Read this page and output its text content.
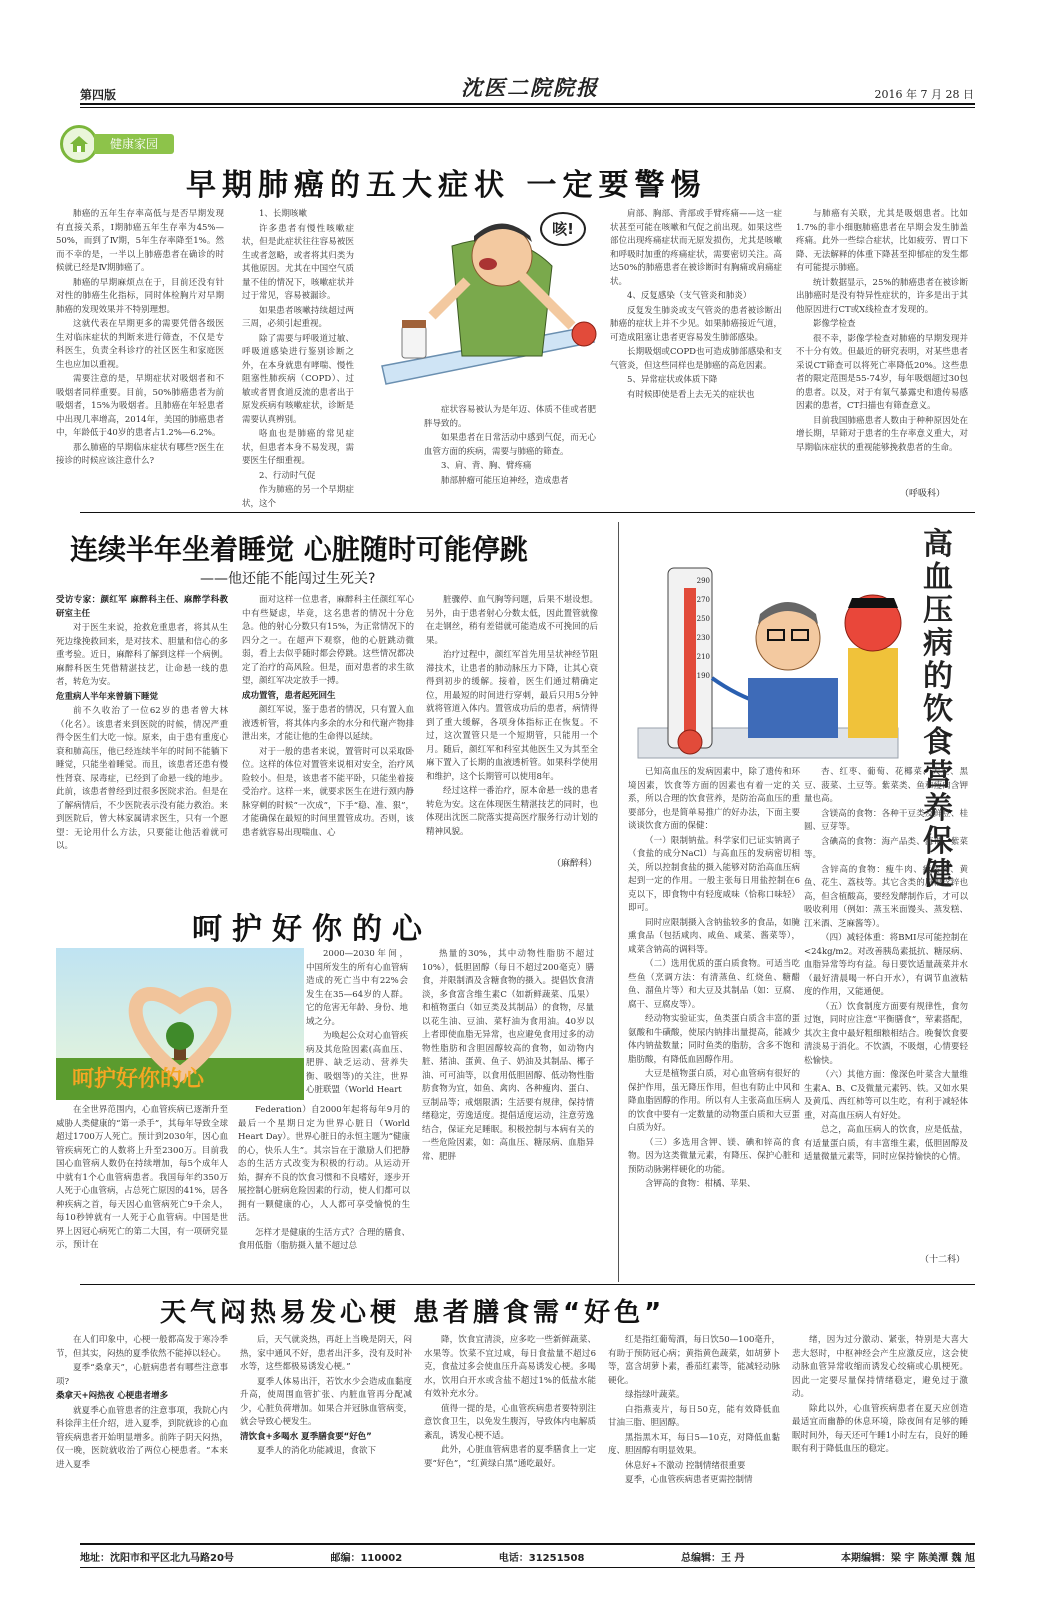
第四版	沈医二院院报	2016 年 7 月 28 日
健康家园
早期肺癌的五大症状 一定要警惕

肺癌的五年生存率高低与是否早期发现有直接关系，Ⅰ期肺癌五年生存率为45%—50%，而到了Ⅳ期，5年生存率降至1%。然而不幸的是，一半以上肺癌患者在确诊的时候就已经是Ⅳ期肺癌了。

肺癌的早期麻烦点在于，目前还没有针对性的肺癌生化指标，同时体检胸片对早期肺癌的发现效果并不特别理想。

这就代表在早期更多的需要凭借各级医生对临床症状的判断来进行筛查，不仅是专科医生，负责全科诊疗的社区医生和家庭医生也应加以重视。

需要注意的是，早期症状对吸烟者和不吸烟者同样重要。目前，50%肺癌患者为前吸烟者，15%为吸烟者。且肺癌在年轻患者中出现几率增高，2014年，美国的肺癌患者中，年龄低于40岁的患者占1.2%—6.2%。

那么肺癌的早期临床症状有哪些?医生在接诊的时候应该注意什么?

1、长期咳嗽

许多患者有慢性咳嗽症状，但是此症状往往容易被医生或者忽略，或者将其归类为其他原因。尤其在中国空气质量不佳的情况下，咳嗽症状并过于常见，容易被漏诊。

如果患者咳嗽持续超过两三周，必须引起重视。

除了需要与呼吸道过敏、呼吸道感染进行鉴别诊断之外，在本身就患有哮喘、慢性阻塞性肺疾病（COPD）、过敏或者胃食道反流的患者出于原发疾病有咳嗽症状，诊断是需要认真辨别。

咯血也是肺癌的常见症状，但患者本身不易发现，需要医生仔细重视。

2、行动时气促

作为肺癌的另一个早期症状，这个

症状容易被认为是年迈、体质不佳或者肥胖导致的。

如果患者在日常活动中感到气促，而无心血管方面的疾病，需要与肺癌的筛查。

3、肩、背、胸、臂疼痛

肺部肿瘤可能压迫神经，造成患者

肩部、胸部、背部或手臂疼痛——这一症状甚至可能在咳嗽和气促之前出现。如果这些部位出现疼痛症状而无原发损伤，尤其是咳嗽和呼吸时加重的疼痛症状，需要密切关注。高达50%的肺癌患者在被诊断时有胸痛或肩痛症状。

4、反复感染（支气管炎和肺炎）

反复发生肺炎或支气管炎的患者被诊断出肺癌的症状上并不少见。如果肺癌接近气道，可造成阻塞让患者更容易发生肺部感染。

长期吸烟或COPD也可造成肺部感染和支气管炎，但这些同样也是肺癌的高危因素。

5、异常症状或体质下降

有时候即使是看上去无关的症状也

与肺癌有关联，尤其是吸烟患者。比如1.7%的非小细胞肺癌患者在早期会发生肺盖疼痛。此外一些综合症状，比如疲劳、胃口下降、无法解释的体重下降甚至抑郁症的发生都有可能提示肺癌。

统计数据显示，25%的肺癌患者在被诊断出肺癌时是没有特异性症状的，许多是出于其他原因进行CT或X线检查才发现的。

影像学检查

很不幸，影像学检查对肺癌的早期发现并不十分有效。但最近的研究表明，对某些患者采说CT筛查可以将死亡率降低20%。这些患者的限定范围是55-74岁，每年吸烟超过30包的患者。以及，对于有氧气暴露史和遗传易感因素的患者，CT扫描也有筛查意义。

目前我国肺癌患者人数由于种种原因处在增长期，早筛对于患者的生存率意义重大，对早期临床症状的重视能够挽救患者的生命。

（呼吸科）
咳!
连续半年坐着睡觉 心脏随时可能停跳
——他还能不能闯过生死关?

受访专家：颜红军 麻醉科主任、麻醉学科教研室主任

对于医生来说，抢救危重患者，将其从生死边缘挽救回来，是对技术、胆量和信心的多重考验。近日，麻醉科了解到这样一个病例。麻醉科医生凭借精湛技艺，让命悬一线的患者，转危为安。

危重病人半年来曾躺下睡觉

前不久收治了一位62岁的患者曾大林（化名）。该患者来到医院的时候，情况严重得令医生们大吃一惊。原来，由于患有重度心衰和肺高压，他已经连续半年的时间不能躺下睡觉，只能坐着睡觉。而且，该患者还患有慢性肾衰、尿毒症，已经到了命悬一线的地步。此前，该患者曾经到过很多医院求治。但是在了解病情后，不少医院表示没有能力救治。来到医院后，曾大林家属请求医生，只有一个愿望：无论用什么方法，只要能让他活着就可以。

面对这样一位患者，麻醉科主任颜红军心中有些疑虑，毕竟，这名患者的情况十分危急。他的射心分数只有15%，为正常情况下的四分之一。在超声下观察，他的心脏跳动微弱，看上去似乎随时都会停跳。这些情况都决定了治疗的高风险。但是，面对患者的求生欲望，颜红军决定放手一搏。

成功置管，患者起死回生

颜红军说，鉴于患者的情况，只有置入血液透析管，将其体内多余的水分和代谢产物排泄出来，才能让他的生命得以延续。

对于一般的患者来说，置管时可以采取卧位。这样的体位对置管来说相对安全，治疗风险较小。但是，该患者不能平卧，只能坐着接受治疗。这样一来，就要求医生在进行颈内静脉穿刺的时候“一次成”，下手“稳、准、狠”，才能确保在最短的时间里置管成功。否则，该患者就容易出现喘血、心

脏骤停、血气胸等问题，后果不堪设想。另外，由于患者射心分数太低，因此置管就像在走钢丝，稍有差错就可能造成不可挽回的后果。

治疗过程中，颜红军首先用呈状神经节阻滞技术，让患者的肺动脉压力下降，让其心衰得到初步的缓解。接着，医生们通过精确定位，用最短的时间进行穿刺，最后只用5分钟就将管道入体内。置管成功后的患者，病情得到了重大缓解，各项身体指标正在恢复。不过，这次置管只是一个短期管，只能用一个月。随后，颜红军和科室其他医生又为其至全麻下置入了长期的血液透析管。如果科学使用和维护，这个长期管可以使用8年。

经过这样一番治疗，原本命悬一线的患者转危为安。这在体现医生精湛技艺的同时，也体现出沈医二院落实提高医疗服务行动计划的精神风貌。

（麻醉科）
290
270
250
230
210
190
高
血
压
病
的
饮
食
营
养
保
健

已知高血压的发病因素中，除了遗传和环境因素，饮食等方面的因素也有着一定的关系，所以合理的饮食营养，是防治高血压的重要部分，也是简单易推广的好办法，下面主要谈谈饮食方面的保健：

（一）限制钠盐。科学家们已证实钠离子（食盐的成分NaCl）与高血压的发病密切相关，所以控制食盐的摄入能够对防治高血压病起到一定的作用。一般主张每日用盐控制在6克以下，即食物中有轻度咸味（恰称口味轻）即可。

同时应限制摄入含钠盐较多的食品，如腌熏食品（包括咸肉、咸鱼、咸菜、酱菜等），咸菜含钠高的调料等。

（二）选用优质的蛋白质食物。可适当吃些鱼（烹调方法：有清蒸鱼、红烧鱼、糖醋鱼、溜鱼片等）和大豆及其制品（如：豆腐、腐干、豆腐皮等）。

经动物实验证实，鱼类蛋白质含丰富的蛋氨酸和牛磺酸，使尿内钠排出量提高，能减少体内钠盐数量；同时鱼类的脂肪，含多不饱和脂肪酸，有降低血固醇作用。

大豆是植物蛋白质，对心血管病有很好的保护作用，虽无降压作用，但也有防止中风和降血脂固醇的作用。所以有人主张高血压病人的饮食中要有一定数量的动物蛋白质和大豆蛋白质为好。

（三）多选用含钾、镁、碘和锌高的食物。因为这类微量元素，有降压、保护心脏和预防动脉粥样硬化的功能。

含钾高的食物：柑橘、苹果、

杏、红枣、葡萄、花椰菜、大豆、黑豆、菠菜、土豆等。紫菜类、鱼和瘦肉含钾量也高。

含镁高的食物：各种干豆类及鲜豆、桂圆、豆芽等。

含碘高的食物：海产品类、海带、紫菜等。

含锌高的食物：瘦牛肉、瘦猪肉、黄鱼、花生、荔枝等。其它含类的原粮含锌也高，但含植酸高，要经发酵制作后，才可以吸收利用（例如：蒸玉米面馒头、蒸发糕、江米酒、芝麻酱等）。

（四）减轻体重：将BMI尽可能控制在<24kg/m2。对改善胰岛素抵抗、糖尿病、血脂异常等均有益。每日要饮适量蔬菜并水（最好清晨喝一杯白开水），有调节血液粘度的作用，又能通便。

（五）饮食制度方面要有规律性，食勿过饱，同时应注意“平衡膳食”，荤素搭配，其次主食中最好粗细粮相结合。晚餐饮食要清淡易于消化。不饮酒，不吸烟，心情要轻松愉快。

（六）其他方面：像深色叶菜含大量维生素A、B、C及微量元素钙、铁。又如水果及黄瓜、西红柿等可以生吃，有利于减轻体重，对高血压病人有好处。

总之，高血压病人的饮食，应是低盐，有适量蛋白质，有丰富维生素，低胆固醇及适量微量元素等，同时应保持愉快的心情。

（十二科）
呵护好你的心
呵护好你的心

2000—2030年间，中国所发生的所有心血管病造成的死亡当中有22%会发生在35—64岁的人群。它的危害无年龄、身份、地域之分。

为唤起公众对心血管疾病及其危险因素(高血压、肥胖、缺乏运动、营养失衡、吸烟等)的关注，世界心脏联盟（World Heart

在全世界范围内，心血管疾病已逐渐升至威胁人类健康的“第一杀手”，其每年导致全球超过1700万人死亡。预计到2030年，因心血管疾病死亡的人数将上升至2300万。目前我国心血管病人数仍在持续增加，每5个成年人中就有1个心血管病患者。我国每年约350万人死于心血管病，占总死亡原因的41%，居各种疾病之首，每天因心血管病死亡9千余人，每10秒钟就有一人死于心血管病。中国是世界上因冠心病死亡的第二大国，有一项研究显示，预计在

Federation）自2000年起将每年9月的最后一个星期日定为世界心脏日（World Heart Day）。世界心脏日的永恒主题为“健康的心，快乐人生”。其宗旨在于激励人们把静态的生活方式改变为积极的行动。从运动开始，摒弃不良的饮食习惯和不良嗜好，逐步开展控制心脏病危险因素的行动，使人们都可以拥有一颗健康的心，人人都可享受愉悦的生活。

怎样才是健康的生活方式？合理的膳食、食用低脂（脂肪摄入量不超过总

热量的30%，其中动物性脂肪不超过10%），低胆固醇（每日不超过200毫克）膳食，并限制酒及含糖食物的摄入。提倡饮食清淡，多食富含维生素C（如新鲜蔬菜、瓜果）和植物蛋白（如豆类及其制品）的食物，尽量以花生油、豆油、菜籽油为食用油。40岁以上者即使血脂无异常，也应避免食用过多的动物性脂肪和含胆固醇较高的食物，如动物内脏、猪油、蛋黄、鱼子、奶油及其制品、椰子油、可可油等，以食用低胆固醇、低动物性脂肪食物为宜，如鱼、禽肉、各种瘦肉、蛋白、豆制品等；戒烟限酒；生活要有规律，保持情绪稳定，劳逸适度。提倡适度运动，注意劳逸结合，保证充足睡眠。积极控制与本病有关的一些危险因素，如：高血压、糖尿病、血脂异常、肥胖

天气闷热易发心梗 患者膳食需“好色”

在人们印象中，心梗一般都高发于寒冷季节，但其实，闷热的夏季依然不能掉以轻心。

夏季“桑拿天”，心脏病患者有哪些注意事项?

桑拿天+闷热夜 心梗患者增多

就夏季心血管患者的注意事项，我院心内科徐萍主任介绍，进入夏季，到院就诊的心血管疾病患者开始明显增多。前阵子阴天闷热，仅一晚，医院就收治了两位心梗患者。“本来进入夏季

后，天气就炎热，再赶上当晚是阴天，闷热，家中通风不好，患者出汗多，没有及时补水等，这些都极易诱发心梗。”

夏季人体易出汗，若饮水少会造成血黏度升高，使周围血管扩张、内脏血管再分配减少，心脏负荷增加。如果合并冠脉血管病变，就会导致心梗发生。

清饮食+多喝水 夏季膳食要“好色”

夏季人的消化功能减退，食欲下

降，饮食宜清淡，应多吃一些新鲜蔬菜、水果等。饮菜不宜过咸，每日食盐量不超过6克，食盐过多会使血压升高易诱发心梗。多喝水，饮用白开水或含盐不超过1%的低盐水能有效补充水分。

值得一提的是，心血管疾病患者要特别注意饮食卫生，以免发生腹泻，导致体内电解质紊乱，诱发心梗不适。

此外，心脏血管病患者的夏季膳食上一定要“好色”，“红黄绿白黑”通吃最好。

红是指红葡萄酒，每日饮50—100毫升，有助于预防冠心病；黄指黄色蔬菜，如胡萝卜等，富含胡萝卜素，番茄红素等，能减轻动脉硬化。

绿指绿叶蔬菜。

白指燕麦片，每日50克，能有效降低血甘油三脂、胆固醇。

黑指黑木耳，每日5—10克，对降低血黏度、胆固醇有明显效果。

休息好+不激动 控制情绪很重要

夏季，心血管疾病患者更需控制情

绪，因为过分激动、紧张，特别是大喜大悲大怒时，中枢神经会产生应激反应，这会使动脉血管异常收缩而诱发心绞痛或心肌梗死。因此一定要尽量保持情绪稳定，避免过于激动。

除此以外，心血管疾病患者在夏天应创造最适宜而幽静的休息环境，除夜间有足够的睡眠时间外，每天还可午睡1小时左右，良好的睡眠有利于降低血压的稳定。

地址：沈阳市和平区北九马路20号	邮编：110002	电话：31251508	总编辑：王 丹	本期编辑：梁 宇 陈美潭 魏 旭
